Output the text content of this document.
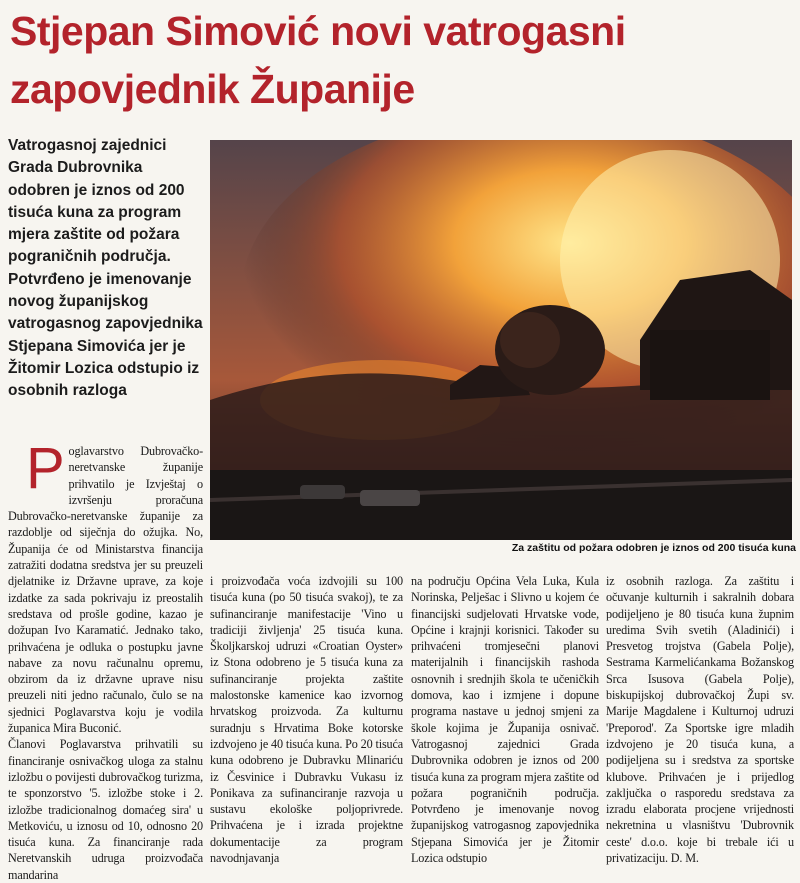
Stjepan Simović novi vatrogasni
zapovjednik Županije
Vatrogasnoj zajednici Grada Dubrovnika odobren je iznos od 200 tisuća kuna za program mjera zaštite od požara pograničnih područja. Potvrđeno je imenovanje novog županijskog vatrogasnog zapovjednika Stjepana Simovića jer je Žitomir Lozica odstupio iz osobnih razloga
Za zaštitu od požara odobren je iznos od 200 tisuća kuna

Poglavarstvo Dubrovačko-neretvanske županije prihvatilo je Izvještaj o izvršenju proračuna Dubrovačko-neretvanske županije za razdoblje od siječnja do ožujka. No, Županija će od Ministarstva financija zatražiti dodatna sredstva jer su preuzeli djelatnike iz Državne uprave, za koje izdatke za sada pokrivaju iz preostalih sredstava od prošle godine, kazao je dožupan Ivo Karamatić. Jednako tako, prihvaćena je odluka o postupku javne nabave za novu računalnu opremu, obzirom da iz državne uprave nisu preuzeli niti jedno računalo, čulo se na sjednici Poglavarstva koju je vodila županica Mira Buconić.

Članovi Poglavarstva prihvatili su financiranje osnivačkog uloga za stalnu izložbu o povijesti dubrovačkog turizma, te sponzorstvo '5. izložbe stoke i 2. izložbe tradicionalnog domaćeg sira' u Metkoviću, u iznosu od 10, odnosno 20 tisuća kuna. Za financiranje rada Neretvanskih udruga proizvođača mandarina

i proizvođača voća izdvojili su 100 tisuća kuna (po 50 tisuća svakoj), te za sufinanciranje manifestacije 'Vino u tradiciji življenja' 25 tisuća kuna. Školjkarskoj udruzi «Croatian Oyster» iz Stona odobreno je 5 tisuća kuna za sufinanciranje projekta zaštite malostonske kamenice kao izvornog hrvatskog proizvoda. Za kulturnu suradnju s Hrvatima Boke kotorske izdvojeno je 40 tisuća kuna. Po 20 tisuća kuna odobreno je Dubravku Mlinariću iz Česvinice i Dubravku Vukasu iz Ponikava za sufinanciranje razvoja u sustavu ekološke poljoprivrede. Prihvaćena je i izrada projektne dokumentacije za program navodnjavanja

na području Općina Vela Luka, Kula Norinska, Pelješac i Slivno u kojem će financijski sudjelovati Hrvatske vode, Općine i krajnji korisnici. Također su prihvaćeni tromjesečni planovi materijalnih i financijskih rashoda osnovnih i srednjih škola te učeničkih domova, kao i izmjene i dopune programa nastave u jednoj smjeni za škole kojima je Županija osnivač. Vatrogasnoj zajednici Grada Dubrovnika odobren je iznos od 200 tisuća kuna za program mjera zaštite od požara pograničnih područja. Potvrđeno je imenovanje novog županijskog vatrogasnog zapovjednika Stjepana Simovića jer je Žitomir Lozica odstupio

iz osobnih razloga. Za zaštitu i očuvanje kulturnih i sakralnih dobara podijeljeno je 80 tisuća kuna župnim uredima Svih svetih (Aladinići) i Presvetog trojstva (Gabela Polje), Sestrama Karmelićankama Božanskog Srca Isusova (Gabela Polje), biskupijskoj dubrovačkoj Župi sv. Marije Magdalene i Kulturnoj udruzi 'Preporod'. Za Sportske igre mladih izdvojeno je 20 tisuća kuna, a podijeljena su i sredstva za sportske klubove. Prihvaćen je i prijedlog zaključka o rasporedu sredstava za izradu elaborata procjene vrijednosti nekretnina u vlasništvu 'Dubrovnik ceste' d.o.o. koje bi trebale ići u privatizaciju. D. M.
